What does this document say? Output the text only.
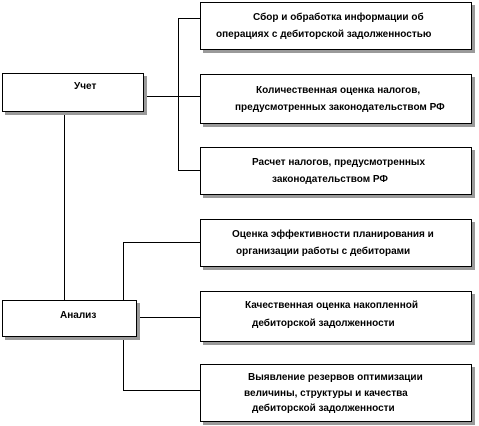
Учет
Анализ
Сбор и обработка информации об
операциях с дебиторской задолженностью
Количественная оценка налогов,
предусмотренных законодательством РФ
Расчет налогов, предусмотренных
законодательством РФ
Оценка эффективности планирования и
организации работы с дебиторами
Качественная оценка накопленной
дебиторской задолженности
Выявление резервов оптимизации
величины, структуры и качества
дебиторской задолженности
